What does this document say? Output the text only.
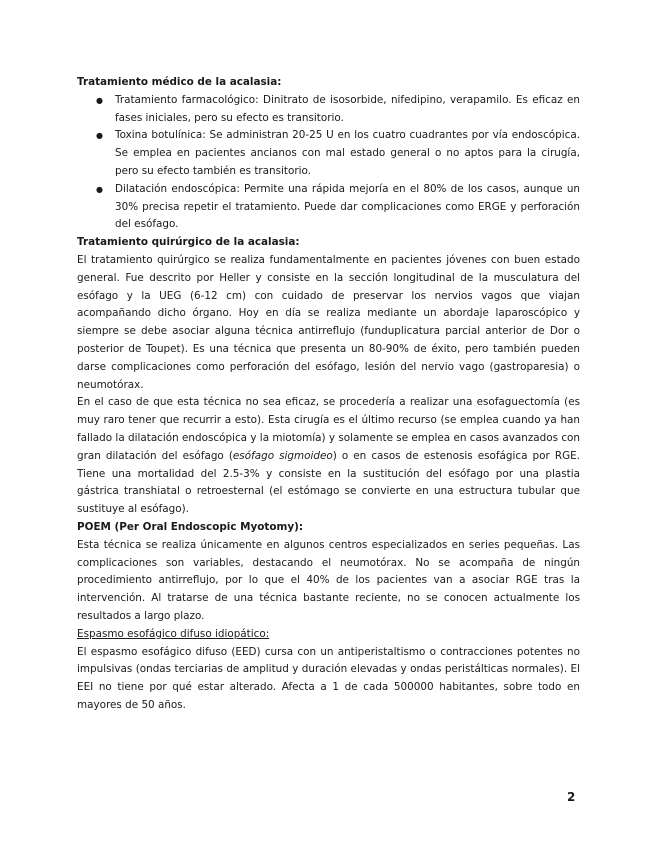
Tratamiento médico de la acalasia:

● Tratamiento farmacológico: Dinitrato de isosorbide, nifedipino, verapamilo. Es eficaz en fases iniciales, pero su efecto es transitorio.
● Toxina botulínica: Se administran 20-25 U en los cuatro cuadrantes por vía endoscópica. Se emplea en pacientes ancianos con mal estado general o no aptos para la cirugía, pero su efecto también es transitorio.
● Dilatación endoscópica: Permite una rápida mejoría en el 80% de los casos, aunque un 30% precisa repetir el tratamiento. Puede dar complicaciones como ERGE y perforación del esófago.

Tratamiento quirúrgico de la acalasia:

El tratamiento quirúrgico se realiza fundamentalmente en pacientes jóvenes con buen estado general. Fue descrito por Heller y consiste en la sección longitudinal de la musculatura del esófago y la UEG (6-12 cm) con cuidado de preservar los nervios vagos que viajan acompañando dicho órgano. Hoy en día se realiza mediante un abordaje laparoscópico y siempre se debe asociar alguna técnica antirreflujo (funduplicatura parcial anterior de Dor o posterior de Toupet). Es una técnica que presenta un 80-90% de éxito, pero también pueden darse complicaciones como perforación del esófago, lesión del nervio vago (gastroparesia) o neumotórax.

En el caso de que esta técnica no sea eficaz, se procedería a realizar una esofaguectomía (es muy raro tener que recurrir a esto). Esta cirugía es el último recurso (se emplea cuando ya han fallado la dilatación endoscópica y la miotomía) y solamente se emplea en casos avanzados con gran dilatación del esófago (esófago sigmoideo) o en casos de estenosis esofágica por RGE. Tiene una mortalidad del 2.5-3% y consiste en la sustitución del esófago por una plastia gástrica transhiatal o retroesternal (el estómago se convierte en una estructura tubular que sustituye al esófago).

POEM (Per Oral Endoscopic Myotomy):

Esta técnica se realiza únicamente en algunos centros especializados en series pequeñas. Las complicaciones son variables, destacando el neumotórax. No se acompaña de ningún procedimiento antirreflujo, por lo que el 40% de los pacientes van a asociar RGE tras la intervención. Al tratarse de una técnica bastante reciente, no se conocen actualmente los resultados a largo plazo.

Espasmo esofágico difuso idiopático:

El espasmo esofágico difuso (EED) cursa con un antiperistaltismo o contracciones potentes no impulsivas (ondas terciarias de amplitud y duración elevadas y ondas peristálticas normales). El EEI no tiene por qué estar alterado. Afecta a 1 de cada 500000 habitantes, sobre todo en mayores de 50 años.

2
